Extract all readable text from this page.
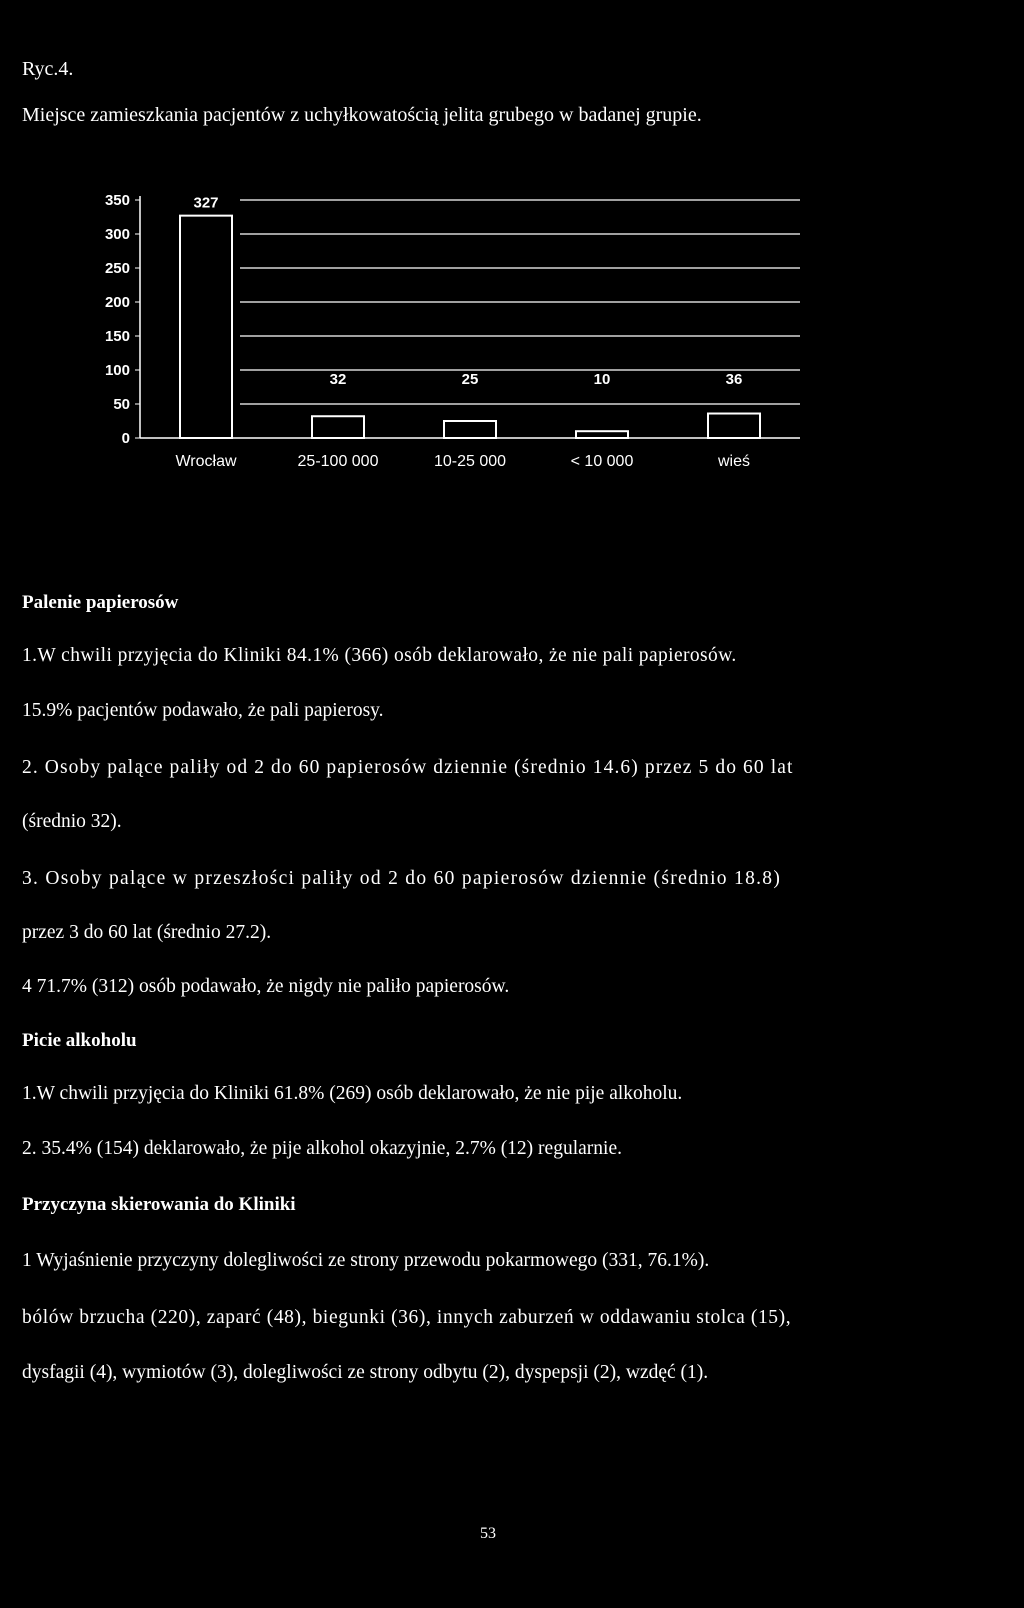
Ryc.4.
Miejsce zamieszkania pacjentów z uchyłkowatością jelita grubego w badanej grupie.
0
50
100
150
200
250
300
350	327
32	25	10	36
Wrocław	25-100 000	10-25 000	< 10 000	wieś
Palenie papierosów
1.W chwili przyjęcia do Kliniki 84.1% (366) osób deklarowało, że nie pali papierosów.
15.9% pacjentów podawało, że pali papierosy.
2. Osoby palące paliły od 2 do 60 papierosów dziennie (średnio 14.6) przez 5 do 60 lat
(średnio 32).
3. Osoby palące w przeszłości paliły od 2 do 60 papierosów dziennie (średnio 18.8)
przez 3 do 60 lat (średnio 27.2).
4 71.7% (312) osób podawało, że nigdy nie paliło papierosów.
Picie alkoholu
1.W chwili przyjęcia do Kliniki 61.8% (269) osób deklarowało, że nie pije alkoholu.
2. 35.4% (154) deklarowało, że pije alkohol okazyjnie, 2.7% (12) regularnie.
Przyczyna skierowania do Kliniki
1 Wyjaśnienie przyczyny dolegliwości ze strony przewodu pokarmowego (331, 76.1%).
bólów brzucha (220), zaparć (48), biegunki (36), innych zaburzeń w oddawaniu stolca (15),
dysfagii (4), wymiotów (3), dolegliwości ze strony odbytu (2), dyspepsji (2), wzdęć (1).
53
